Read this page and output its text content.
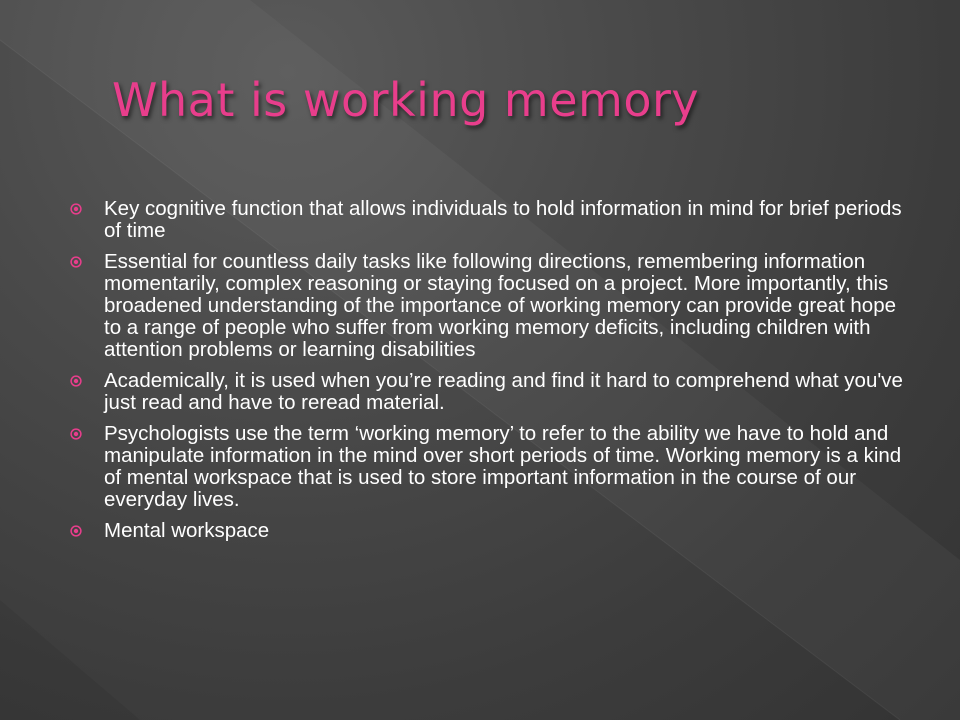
What is working memory
Key cognitive function that allows individuals to hold information in mind for brief periods of time
Essential for countless daily tasks like following directions, remembering information momentarily, complex reasoning or staying focused on a project. More importantly, this broadened understanding of the importance of working memory can provide great hope to a range of people who suffer from working memory deficits, including children with attention problems or learning disabilities
Academically, it is used when you’re reading and find it hard to comprehend what you've just read and have to reread material.
Psychologists use the term ‘working memory’ to refer to the ability we have to hold and manipulate information in the mind over short periods of time. Working memory is a kind of mental workspace that is used to store important information in the course of our everyday lives.
Mental workspace
